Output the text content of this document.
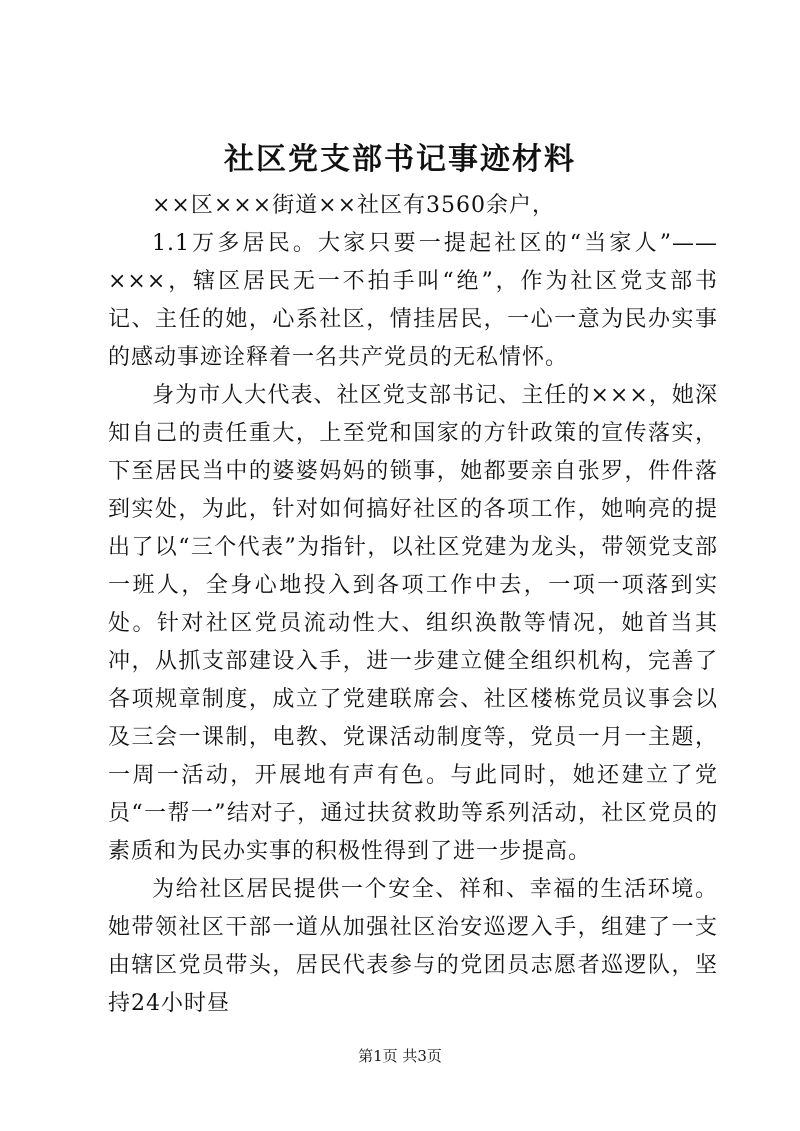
社区党支部书记事迹材料

××区×××街道××社区有3560余户，

1.1万多居民。大家只要一提起社区的“当家人”——×××，辖区居民无一不拍手叫“绝”，作为社区党支部书记、主任的她，心系社区，情挂居民，一心一意为民办实事的感动事迹诠释着一名共产党员的无私情怀。

身为市人大代表、社区党支部书记、主任的×××，她深知自己的责任重大，上至党和国家的方针政策的宣传落实，下至居民当中的婆婆妈妈的锁事，她都要亲自张罗，件件落到实处，为此，针对如何搞好社区的各项工作，她响亮的提出了以“三个代表”为指针，以社区党建为龙头，带领党支部一班人，全身心地投入到各项工作中去，一项一项落到实处。针对社区党员流动性大、组织涣散等情况，她首当其冲，从抓支部建设入手，进一步建立健全组织机构，完善了各项规章制度，成立了党建联席会、社区楼栋党员议事会以及三会一课制，电教、党课活动制度等，党员一月一主题，一周一活动，开展地有声有色。与此同时，她还建立了党员“一帮一”结对子，通过扶贫救助等系列活动，社区党员的素质和为民办实事的积极性得到了进一步提高。

为给社区居民提供一个安全、祥和、幸福的生活环境。她带领社区干部一道从加强社区治安巡逻入手，组建了一支由辖区党员带头，居民代表参与的党团员志愿者巡逻队，坚持24小时昼

第1页 共3页
